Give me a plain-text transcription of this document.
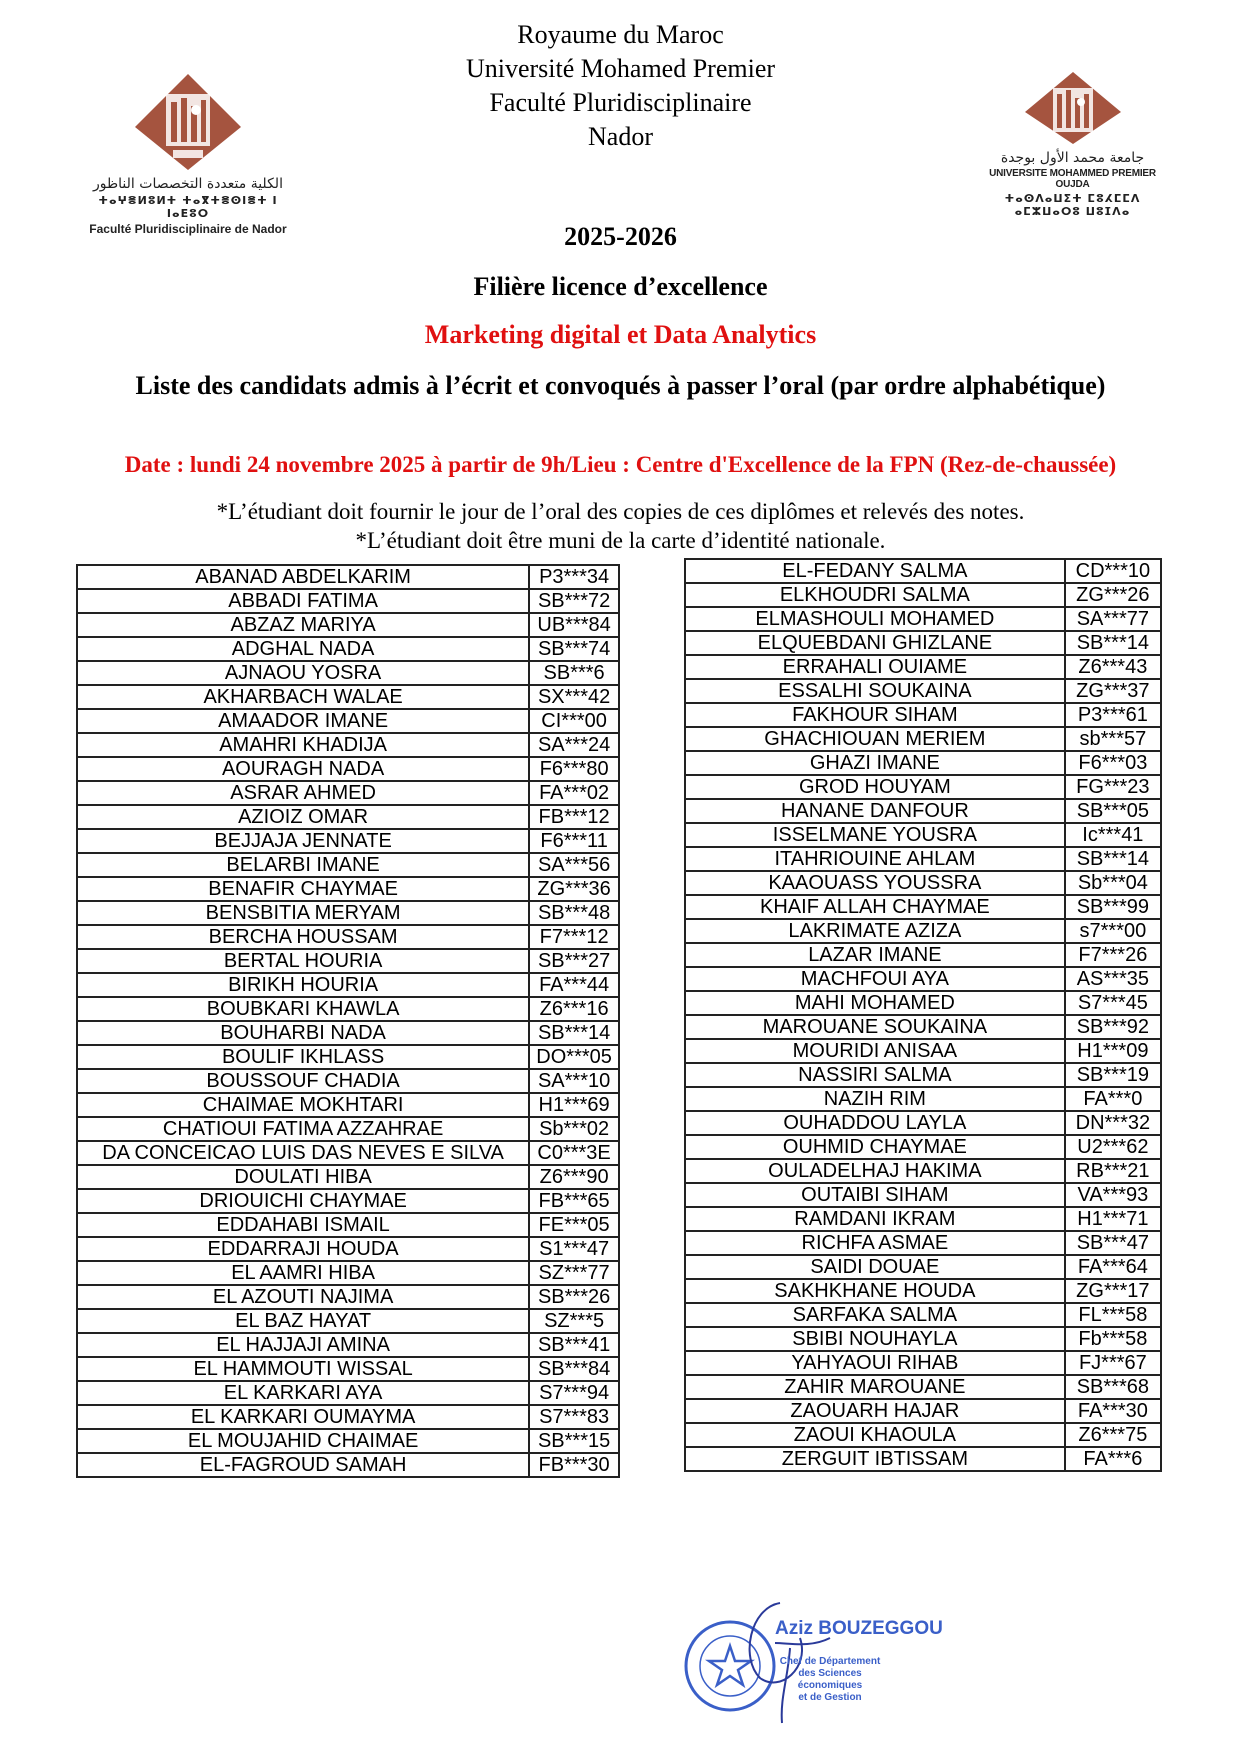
الكلية متعددة التخصصات الناظور
ⵜⴰⵖⴻⵍⵓⵍⵜ ⵜⴰⴳⵜⴻⵙⵏⴻⵜ ⵏ ⵏⴰⴹⵓⵔ
Faculté Pluridisciplinaire de Nador
جامعة محمد الأول بوجدة
UNIVERSITE MOHAMMED PREMIER OUJDA
ⵜⴰⵙⴷⴰⵡⵉⵜ ⵎⵓⵃⵎⵎⴷ ⴰⵎⵣⵡⴰⵔⵓ ⵡⵓⵊⴷⴰ
Royaume du Maroc
Université Mohamed Premier
Faculté Pluridisciplinaire
Nador
2025-2026
Filière licence d’excellence
Marketing digital et Data Analytics
Liste des candidats admis à l’écrit et convoqués à passer l’oral (par ordre alphabétique)
Date : lundi 24 novembre 2025 à partir de 9h/Lieu : Centre d'Excellence de la FPN (Rez-de-chaussée)
*L’étudiant doit fournir le jour de l’oral des copies de ces diplômes et relevés des notes.
*L’étudiant doit être muni de la carte d’identité nationale.
ABANAD ABDELKARIM	P3***34
ABBADI FATIMA	SB***72
ABZAZ MARIYA	UB***84
ADGHAL NADA	SB***74
AJNAOU YOSRA	SB***6
AKHARBACH WALAE	SX***42
AMAADOR IMANE	CI***00
AMAHRI KHADIJA	SA***24
AOURAGH NADA	F6***80
ASRAR AHMED	FA***02
AZIOIZ OMAR	FB***12
BEJJAJA JENNATE	F6***11
BELARBI IMANE	SA***56
BENAFIR CHAYMAE	ZG***36
BENSBITIA MERYAM	SB***48
BERCHA HOUSSAM	F7***12
BERTAL HOURIA	SB***27
BIRIKH HOURIA	FA***44
BOUBKARI KHAWLA	Z6***16
BOUHARBI NADA	SB***14
BOULIF IKHLASS	DO***05
BOUSSOUF CHADIA	SA***10
CHAIMAE MOKHTARI	H1***69
CHATIOUI FATIMA AZZAHRAE	Sb***02
DA CONCEICAO LUIS DAS NEVES E SILVA	C0***3E
DOULATI HIBA	Z6***90
DRIOUICHI CHAYMAE	FB***65
EDDAHABI ISMAIL	FE***05
EDDARRAJI HOUDA	S1***47
EL AAMRI HIBA	SZ***77
EL AZOUTI NAJIMA	SB***26
EL BAZ HAYAT	SZ***5
EL HAJJAJI AMINA	SB***41
EL HAMMOUTI WISSAL	SB***84
EL KARKARI AYA	S7***94
EL KARKARI OUMAYMA	S7***83
EL MOUJAHID CHAIMAE	SB***15
EL-FAGROUD SAMAH	FB***30
EL-FEDANY SALMA	CD***10
ELKHOUDRI SALMA	ZG***26
ELMASHOULI MOHAMED	SA***77
ELQUEBDANI GHIZLANE	SB***14
ERRAHALI OUIAME	Z6***43
ESSALHI SOUKAINA	ZG***37
FAKHOUR SIHAM	P3***61
GHACHIOUAN MERIEM	sb***57
GHAZI IMANE	F6***03
GROD HOUYAM	FG***23
HANANE DANFOUR	SB***05
ISSELMANE YOUSRA	Ic***41
ITAHRIOUINE AHLAM	SB***14
KAAOUASS YOUSSRA	Sb***04
KHAIF ALLAH CHAYMAE	SB***99
LAKRIMATE AZIZA	s7***00
LAZAR IMANE	F7***26
MACHFOUI AYA	AS***35
MAHI MOHAMED	S7***45
MAROUANE SOUKAINA	SB***92
MOURIDI ANISAA	H1***09
NASSIRI SALMA	SB***19
NAZIH RIM	FA***0
OUHADDOU LAYLA	DN***32
OUHMID CHAYMAE	U2***62
OULADELHAJ HAKIMA	RB***21
OUTAIBI SIHAM	VA***93
RAMDANI IKRAM	H1***71
RICHFA ASMAE	SB***47
SAIDI DOUAE	FA***64
SAKHKHANE HOUDA	ZG***17
SARFAKA SALMA	FL***58
SBIBI NOUHAYLA	Fb***58
YAHYAOUI RIHAB	FJ***67
ZAHIR MAROUANE	SB***68
ZAOUARH HAJAR	FA***30
ZAOUI KHAOULA	Z6***75
ZERGUIT IBTISSAM	FA***6
Aziz BOUZEGGOU
Chef de Département
des Sciences économiques
et de Gestion
